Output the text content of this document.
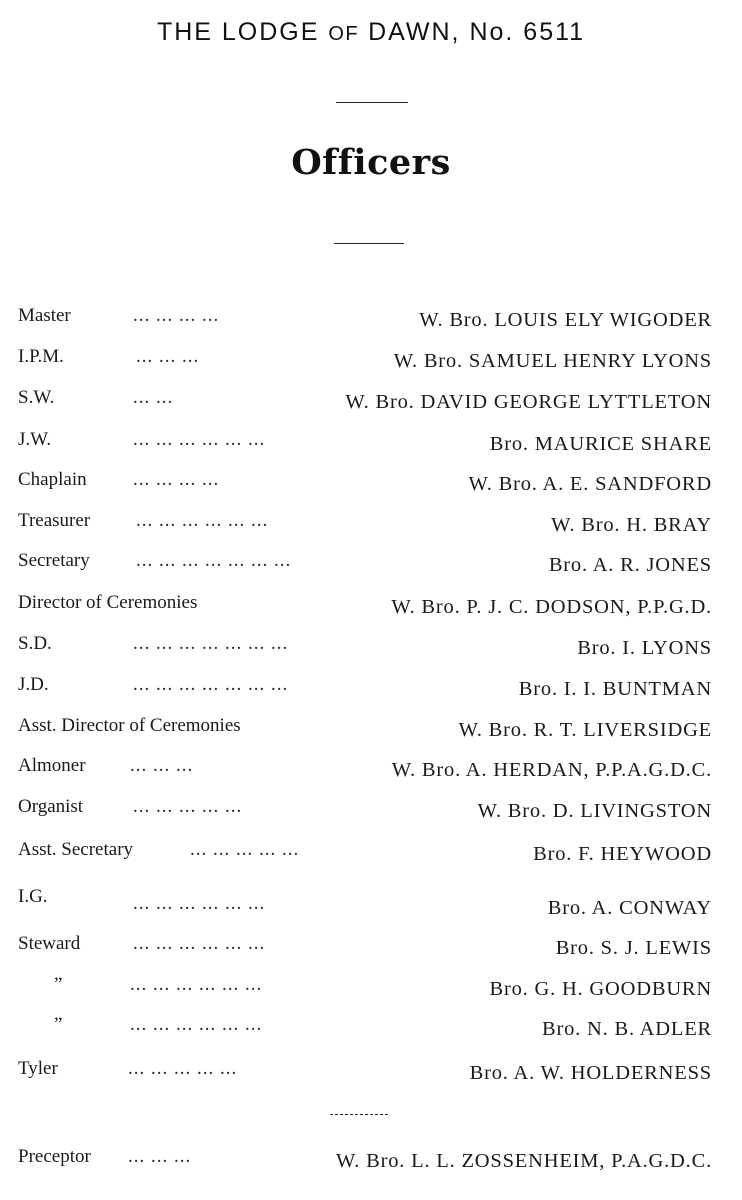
THE LODGE OF DAWN, No. 6511
Officers
Master	... ... ... ...	W. Bro. LOUIS ELY WIGODER
I.P.M.	... ... ...	W. Bro. SAMUEL HENRY LYONS
S.W.	... ...	W. Bro. DAVID GEORGE LYTTLETON
J.W.	... ... ... ... ... ...	Bro. MAURICE SHARE
Chaplain ... ... ... ...	W. Bro. A. E. SANDFORD
Treasurer ... ... ... ... ... ...	W. Bro. H. BRAY
Secretary ... ... ... ... ... ... ...	Bro. A. R. JONES
Director of Ceremonies	W. Bro. P. J. C. DODSON, P.P.G.D.
S.D.	... ... ... ... ... ... ...	Bro. I. LYONS
J.D.	... ... ... ... ... ... ...	Bro. I. I. BUNTMAN
Asst. Director of Ceremonies	W. Bro. R. T. LIVERSIDGE
Almoner ... ... ...	W. Bro. A. HERDAN, P.P.A.G.D.C.
Organist	... ... ... ... ...	W. Bro. D. LIVINGSTON
Asst. Secretary	... ... ... ... ...	Bro. F. HEYWOOD
I.G.	... ... ... ... ... ...	Bro. A. CONWAY
Steward	... ... ... ... ... ...	Bro. S. J. LEWIS
”	... ... ... ... ... ...	Bro. G. H. GOODBURN
”	... ... ... ... ... ...	Bro. N. B. ADLER
Tyler	... ... ... ... ...	Bro. A. W. HOLDERNESS
Preceptor ... ... ...	W. Bro. L. L. ZOSSENHEIM, P.A.G.D.C.
